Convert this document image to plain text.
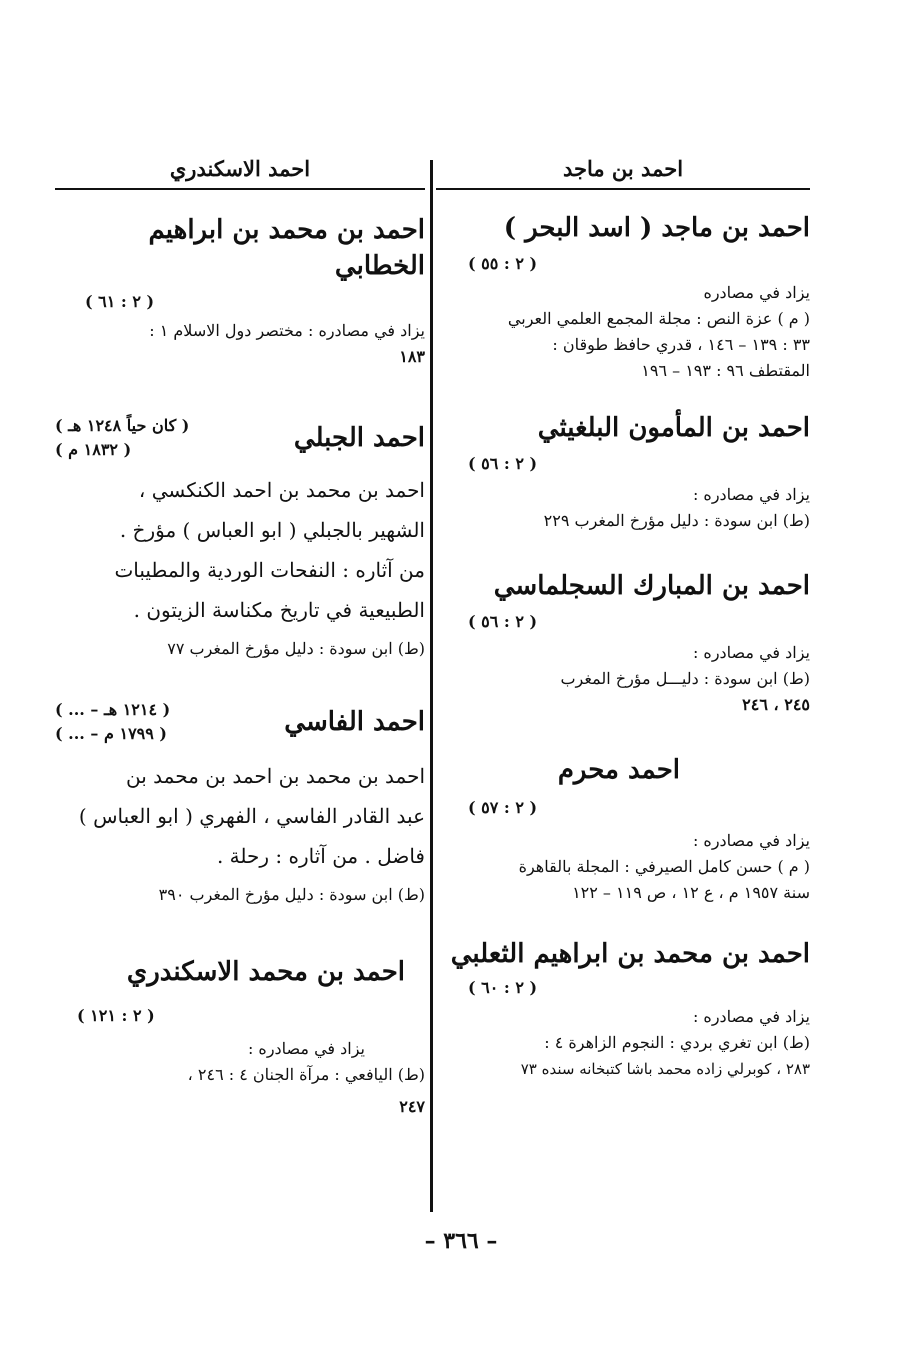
احمد بن ماجد
احمد بن ماجد ( اسد البحر )
( ٢ : ٥٥ )
يزاد في مصادره
( م ) عزة النص : مجلة المجمع العلمي العربي
٣٣ : ١٣٩ – ١٤٦ ، قدري حافظ طوقان :
المقتطف ٩٦ : ١٩٣ – ١٩٦
احمد بن المأمون البلغيثي
( ٢ : ٥٦ )
يزاد في مصادره :
(ط) ابن سودة : دليل مؤرخ المغرب ٢٢٩
احمد بن المبارك السجلماسي
( ٢ : ٥٦ )
يزاد في مصادره :
(ط) ابن سودة : دليـــل مؤرخ المغرب
٢٤٥ ، ٢٤٦
احمد محرم
( ٢ : ٥٧ )
يزاد في مصادره :
( م ) حسن كامل الصيرفي : المجلة بالقاهرة
سنة ١٩٥٧ م ، ع ١٢ ، ص ١١٩ – ١٢٢
احمد بن محمد بن ابراهيم الثعلبي
( ٢ : ٦٠ )
يزاد في مصادره :
(ط) ابن تغري بردي : النجوم الزاهرة ٤ :
٢٨٣ ، كوبرلي زاده محمد باشا كتبخانه سنده ٧٣
احمد الاسكندري
احمد بن محمد بن ابراهيم الخطابي
( ٢ : ٦١ )
يزاد في مصادره : مختصر دول الاسلام ١ :
١٨٣
احمد الجبلي
( كان حياً ١٢٤٨ هـ )
( ١٨٣٢ م )
احمد بن محمد بن احمد الكنكسي ،
الشهير بالجبلي ( ابو العباس ) مؤرخ .
من آثاره : النفحات الوردية والمطيبات
الطبيعية في تاريخ مكناسة الزيتون .
(ط) ابن سودة : دليل مؤرخ المغرب ٧٧
احمد الفاسي
( ... – ١٢١٤ هـ )
( ... – ١٧٩٩ م )
احمد بن محمد بن احمد بن محمد بن
عبد القادر الفاسي ، الفهري ( ابو العباس )
فاضل . من آثاره : رحلة .
(ط) ابن سودة : دليل مؤرخ المغرب ٣٩٠
احمد بن محمد الاسكندري
( ٢ : ١٢١ )
يزاد في مصادره :
(ط) اليافعي : مرآة الجنان ٤ : ٢٤٦ ،
٢٤٧
– ٣٦٦ –
